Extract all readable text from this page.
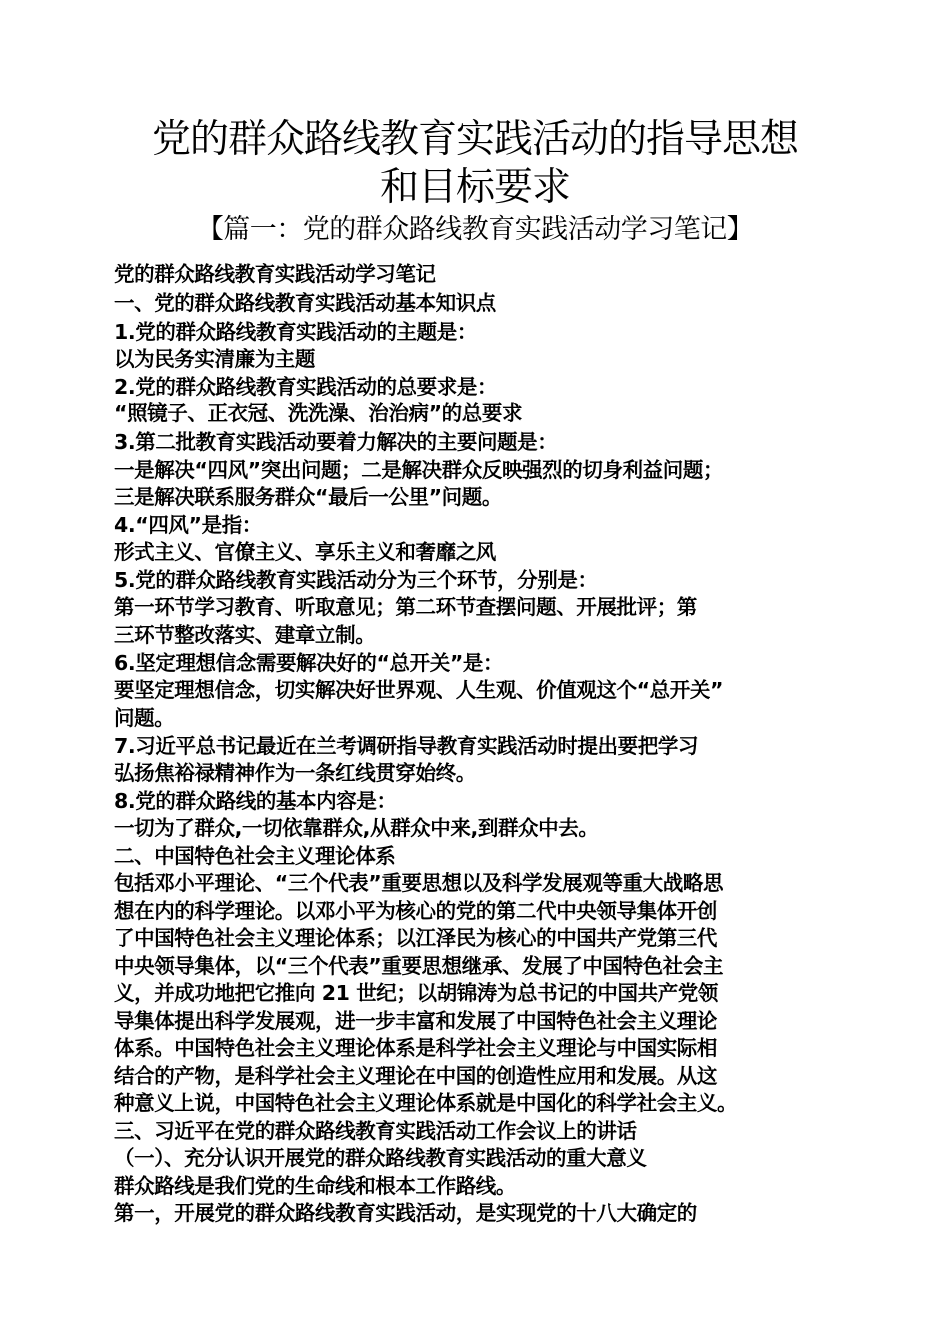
党的群众路线教育实践活动的指导思想
和目标要求
【篇一：党的群众路线教育实践活动学习笔记】
党的群众路线教育实践活动学习笔记
一、党的群众路线教育实践活动基本知识点
1.党的群众路线教育实践活动的主题是：
以为民务实清廉为主题
2.党的群众路线教育实践活动的总要求是：
“照镜子、正衣冠、洗洗澡、治治病”的总要求
3.第二批教育实践活动要着力解决的主要问题是：
一是解决“四风”突出问题；二是解决群众反映强烈的切身利益问题；
三是解决联系服务群众“最后一公里”问题。
4.“四风”是指：
形式主义、官僚主义、享乐主义和奢靡之风
5.党的群众路线教育实践活动分为三个环节，分别是：
第一环节学习教育、听取意见；第二环节查摆问题、开展批评；第
三环节整改落实、建章立制。
6.坚定理想信念需要解决好的“总开关”是：
要坚定理想信念，切实解决好世界观、人生观、价值观这个“总开关”
问题。
7.习近平总书记最近在兰考调研指导教育实践活动时提出要把学习
弘扬焦裕禄精神作为一条红线贯穿始终。
8.党的群众路线的基本内容是：
一切为了群众,一切依靠群众,从群众中来,到群众中去。
二、中国特色社会主义理论体系
包括邓小平理论、“三个代表”重要思想以及科学发展观等重大战略思
想在内的科学理论。以邓小平为核心的党的第二代中央领导集体开创
了中国特色社会主义理论体系；以江泽民为核心的中国共产党第三代
中央领导集体，以“三个代表”重要思想继承、发展了中国特色社会主
义，并成功地把它推向 21 世纪；以胡锦涛为总书记的中国共产党领
导集体提出科学发展观，进一步丰富和发展了中国特色社会主义理论
体系。中国特色社会主义理论体系是科学社会主义理论与中国实际相
结合的产物，是科学社会主义理论在中国的创造性应用和发展。从这
种意义上说，中国特色社会主义理论体系就是中国化的科学社会主义。
三、习近平在党的群众路线教育实践活动工作会议上的讲话
（一）、充分认识开展党的群众路线教育实践活动的重大意义
群众路线是我们党的生命线和根本工作路线。
第一，开展党的群众路线教育实践活动，是实现党的十八大确定的
